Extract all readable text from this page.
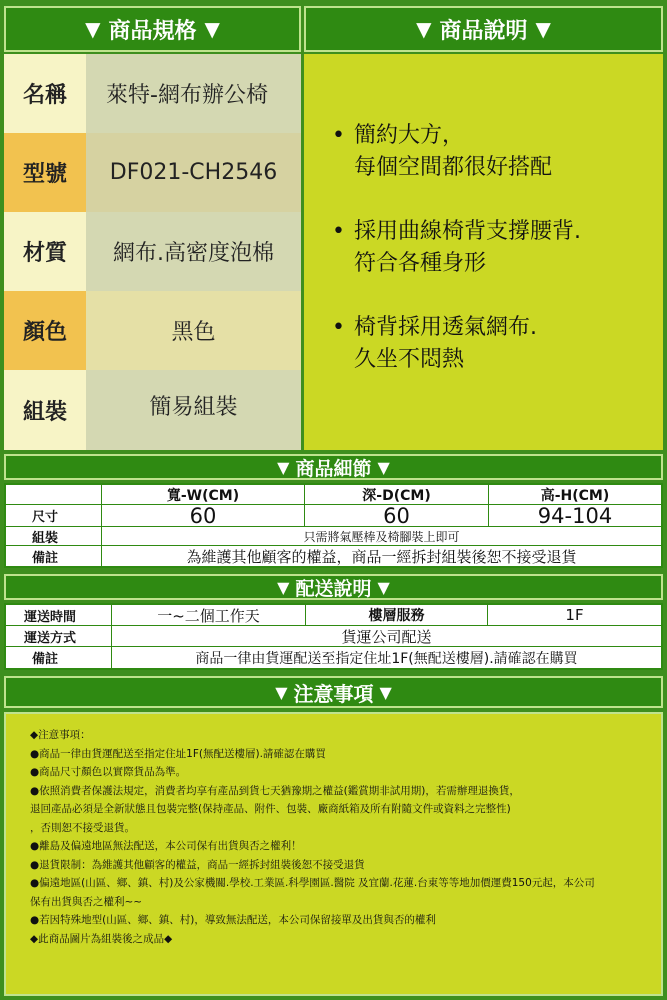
▼ 商品規格 ▼	▼ 商品說明 ▼
名稱	萊特-網布辦公椅
型號	DF021-CH2546
材質	網布.高密度泡棉
顏色	黑色
組裝	簡易組裝
• 簡約大方，
每個空間都很好搭配
• 採用曲線椅背支撐腰背.
符合各種身形
• 椅背採用透氣網布.
久坐不悶熱
▼ 商品細節 ▼
寬-W(CM)	深-D(CM)	高-H(CM)
尺寸	60	60	94-104
組裝	只需將氣壓棒及椅腳裝上即可
備註	為維護其他顧客的權益，商品一經拆封組裝後恕不接受退貨
▼ 配送說明 ▼
運送時間	一~二個工作天	樓層服務	1F
運送方式	貨運公司配送
備註	商品一律由貨運配送至指定住址1F(無配送樓層).請確認在購買
▼ 注意事項 ▼
◆注意事項：
●商品一律由貨運配送至指定住址1F(無配送樓層).請確認在購買
●商品尺寸顏色以實際貨品為準。
●依照消費者保護法規定，消費者均享有產品到貨七天猶豫期之權益(鑑賞期非試用期)，若需辦理退換貨，
退回產品必須是全新狀態且包裝完整(保持產品、附件、包裝、廠商紙箱及所有附隨文件或資料之完整性)
，否則恕不接受退貨。
●離島及偏遠地區無法配送，本公司保有出貨與否之權利！
●退貨限制：為維護其他顧客的權益，商品一經拆封組裝後恕不接受退貨
●偏遠地區(山區、鄉、鎮、村)及公家機關.學校.工業區.科學園區.醫院 及宜蘭.花蓮.台東等等地加價運費150元起，本公司
保有出貨與否之權利~~
●若因特殊地型(山區、鄉、鎮、村)，導致無法配送，本公司保留接單及出貨與否的權利
◆此商品圖片為組裝後之成品◆
